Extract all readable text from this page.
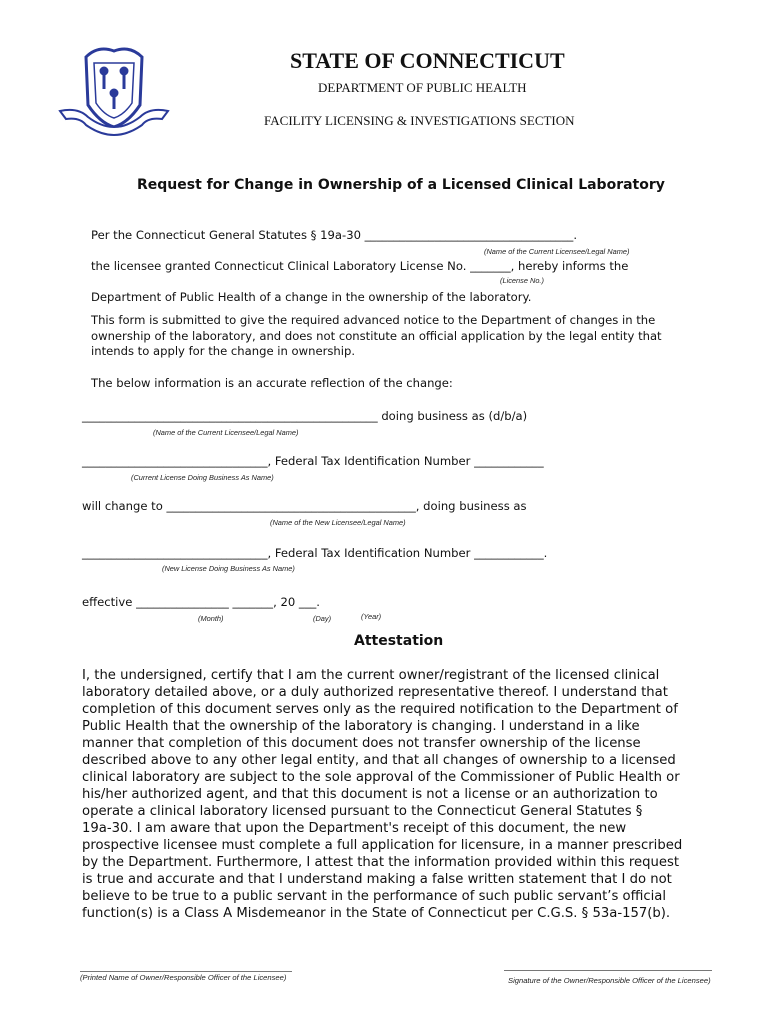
STATE OF CONNECTICUT
DEPARTMENT OF PUBLIC HEALTH
FACILITY LICENSING & INVESTIGATIONS SECTION
Request for Change in Ownership of a Licensed Clinical Laboratory
Per the Connecticut General Statutes § 19a-30 ____________________________________.
(Name of the Current Licensee/Legal Name)
the licensee granted Connecticut Clinical Laboratory License No. _______, hereby informs the
(License No.)
Department of Public Health of a change in the ownership of the laboratory.
This form is submitted to give the required advanced notice to the Department of changes in the
ownership of the laboratory, and does not constitute an official application by the legal entity that
intends to apply for the change in ownership.
The below information is an accurate reflection of the change:
___________________________________________________ doing business as (d/b/a)
(Name of the Current Licensee/Legal Name)
________________________________, Federal Tax Identification Number ____________
(Current License Doing Business As Name)
will change to ___________________________________________, doing business as
(Name of the New Licensee/Legal Name)
________________________________, Federal Tax Identification Number ____________.
(New License Doing Business As Name)
effective ________________ _______, 20 ___.
(Month)	(Day)	(Year)
Attestation
I, the undersigned, certify that I am the current owner/registrant of the licensed clinical
laboratory detailed above, or a duly authorized representative thereof. I understand that
completion of this document serves only as the required notification to the Department of
Public Health that the ownership of the laboratory is changing. I understand in a like
manner that completion of this document does not transfer ownership of the license
described above to any other legal entity, and that all changes of ownership to a licensed
clinical laboratory are subject to the sole approval of the Commissioner of Public Health or
his/her authorized agent, and that this document is not a license or an authorization to
operate a clinical laboratory licensed pursuant to the Connecticut General Statutes §
19a-30. I am aware that upon the Department's receipt of this document, the new
prospective licensee must complete a full application for licensure, in a manner prescribed
by the Department. Furthermore, I attest that the information provided within this request
is true and accurate and that I understand making a false written statement that I do not
believe to be true to a public servant in the performance of such public servant’s official
function(s) is a Class A Misdemeanor in the State of Connecticut per C.G.S. § 53a-157(b).
(Printed Name of Owner/Responsible Officer of the Licensee)	Signature of the Owner/Responsible Officer of the Licensee)
